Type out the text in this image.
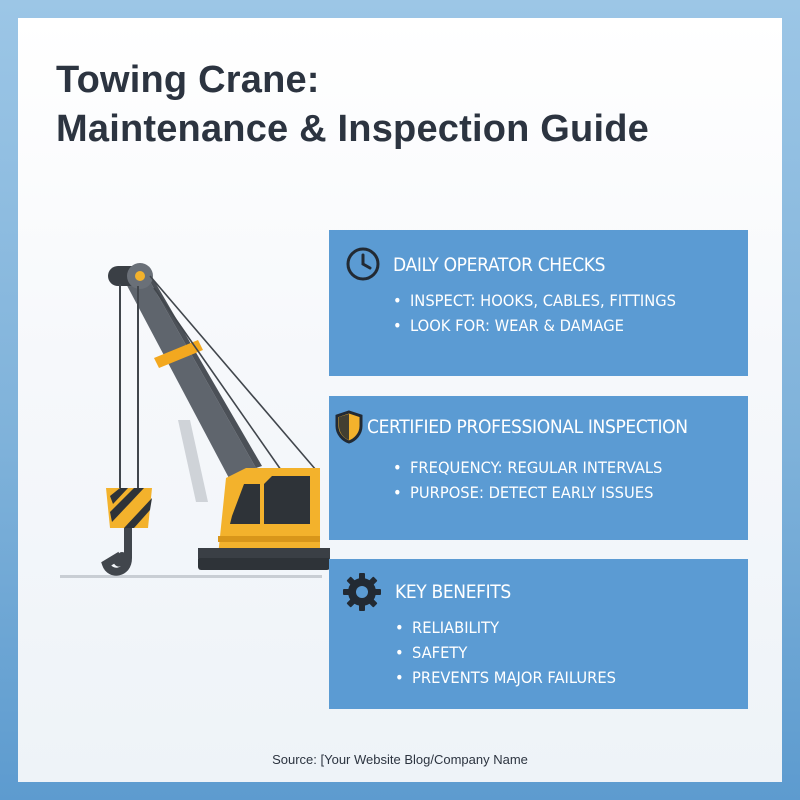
Towing Crane:
Maintenance & Inspection Guide
DAILY OPERATOR CHECKS
• INSPECT: HOOKS, CABLES, FITTINGS
• LOOK FOR: WEAR & DAMAGE
CERTIFIED PROFESSIONAL INSPECTION
• FREQUENCY: REGULAR INTERVALS
• PURPOSE: DETECT EARLY ISSUES
KEY BENEFITS
• RELIABILITY
• SAFETY
• PREVENTS MAJOR FAILURES
Source: [Your Website Blog/Company Name
